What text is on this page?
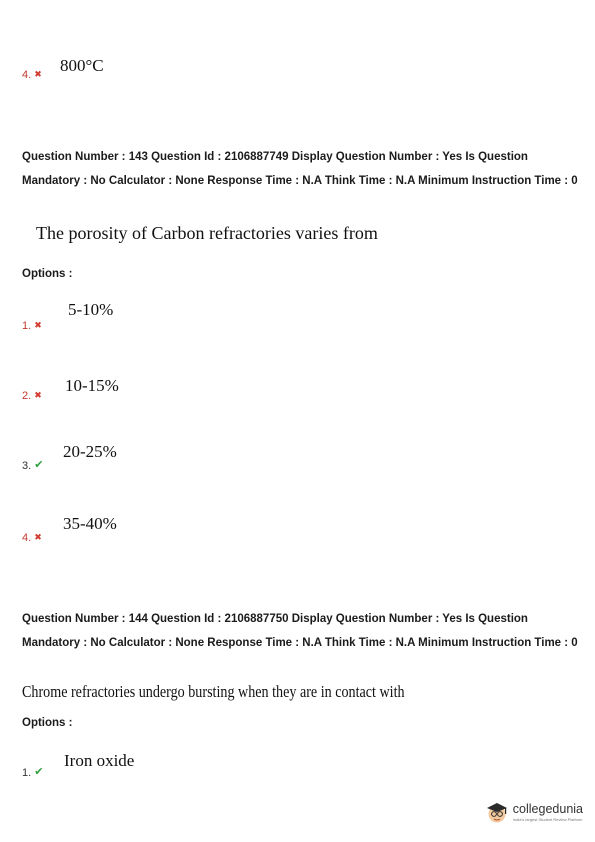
800°C
4. ✖
Question Number : 143 Question Id : 2106887749 Display Question Number : Yes Is Question Mandatory : No Calculator : None Response Time : N.A Think Time : N.A Minimum Instruction Time : 0
The porosity of Carbon refractories varies from
Options :
5-10%
1. ✖
10-15%
2. ✖
20-25%
3. ✔
35-40%
4. ✖
Question Number : 144 Question Id : 2106887750 Display Question Number : Yes Is Question Mandatory : No Calculator : None Response Time : N.A Think Time : N.A Minimum Instruction Time : 0
Chrome refractories undergo bursting when they are in contact with
Options :
Iron oxide
1. ✔
collegedunia
India's largest Student Review Platform
